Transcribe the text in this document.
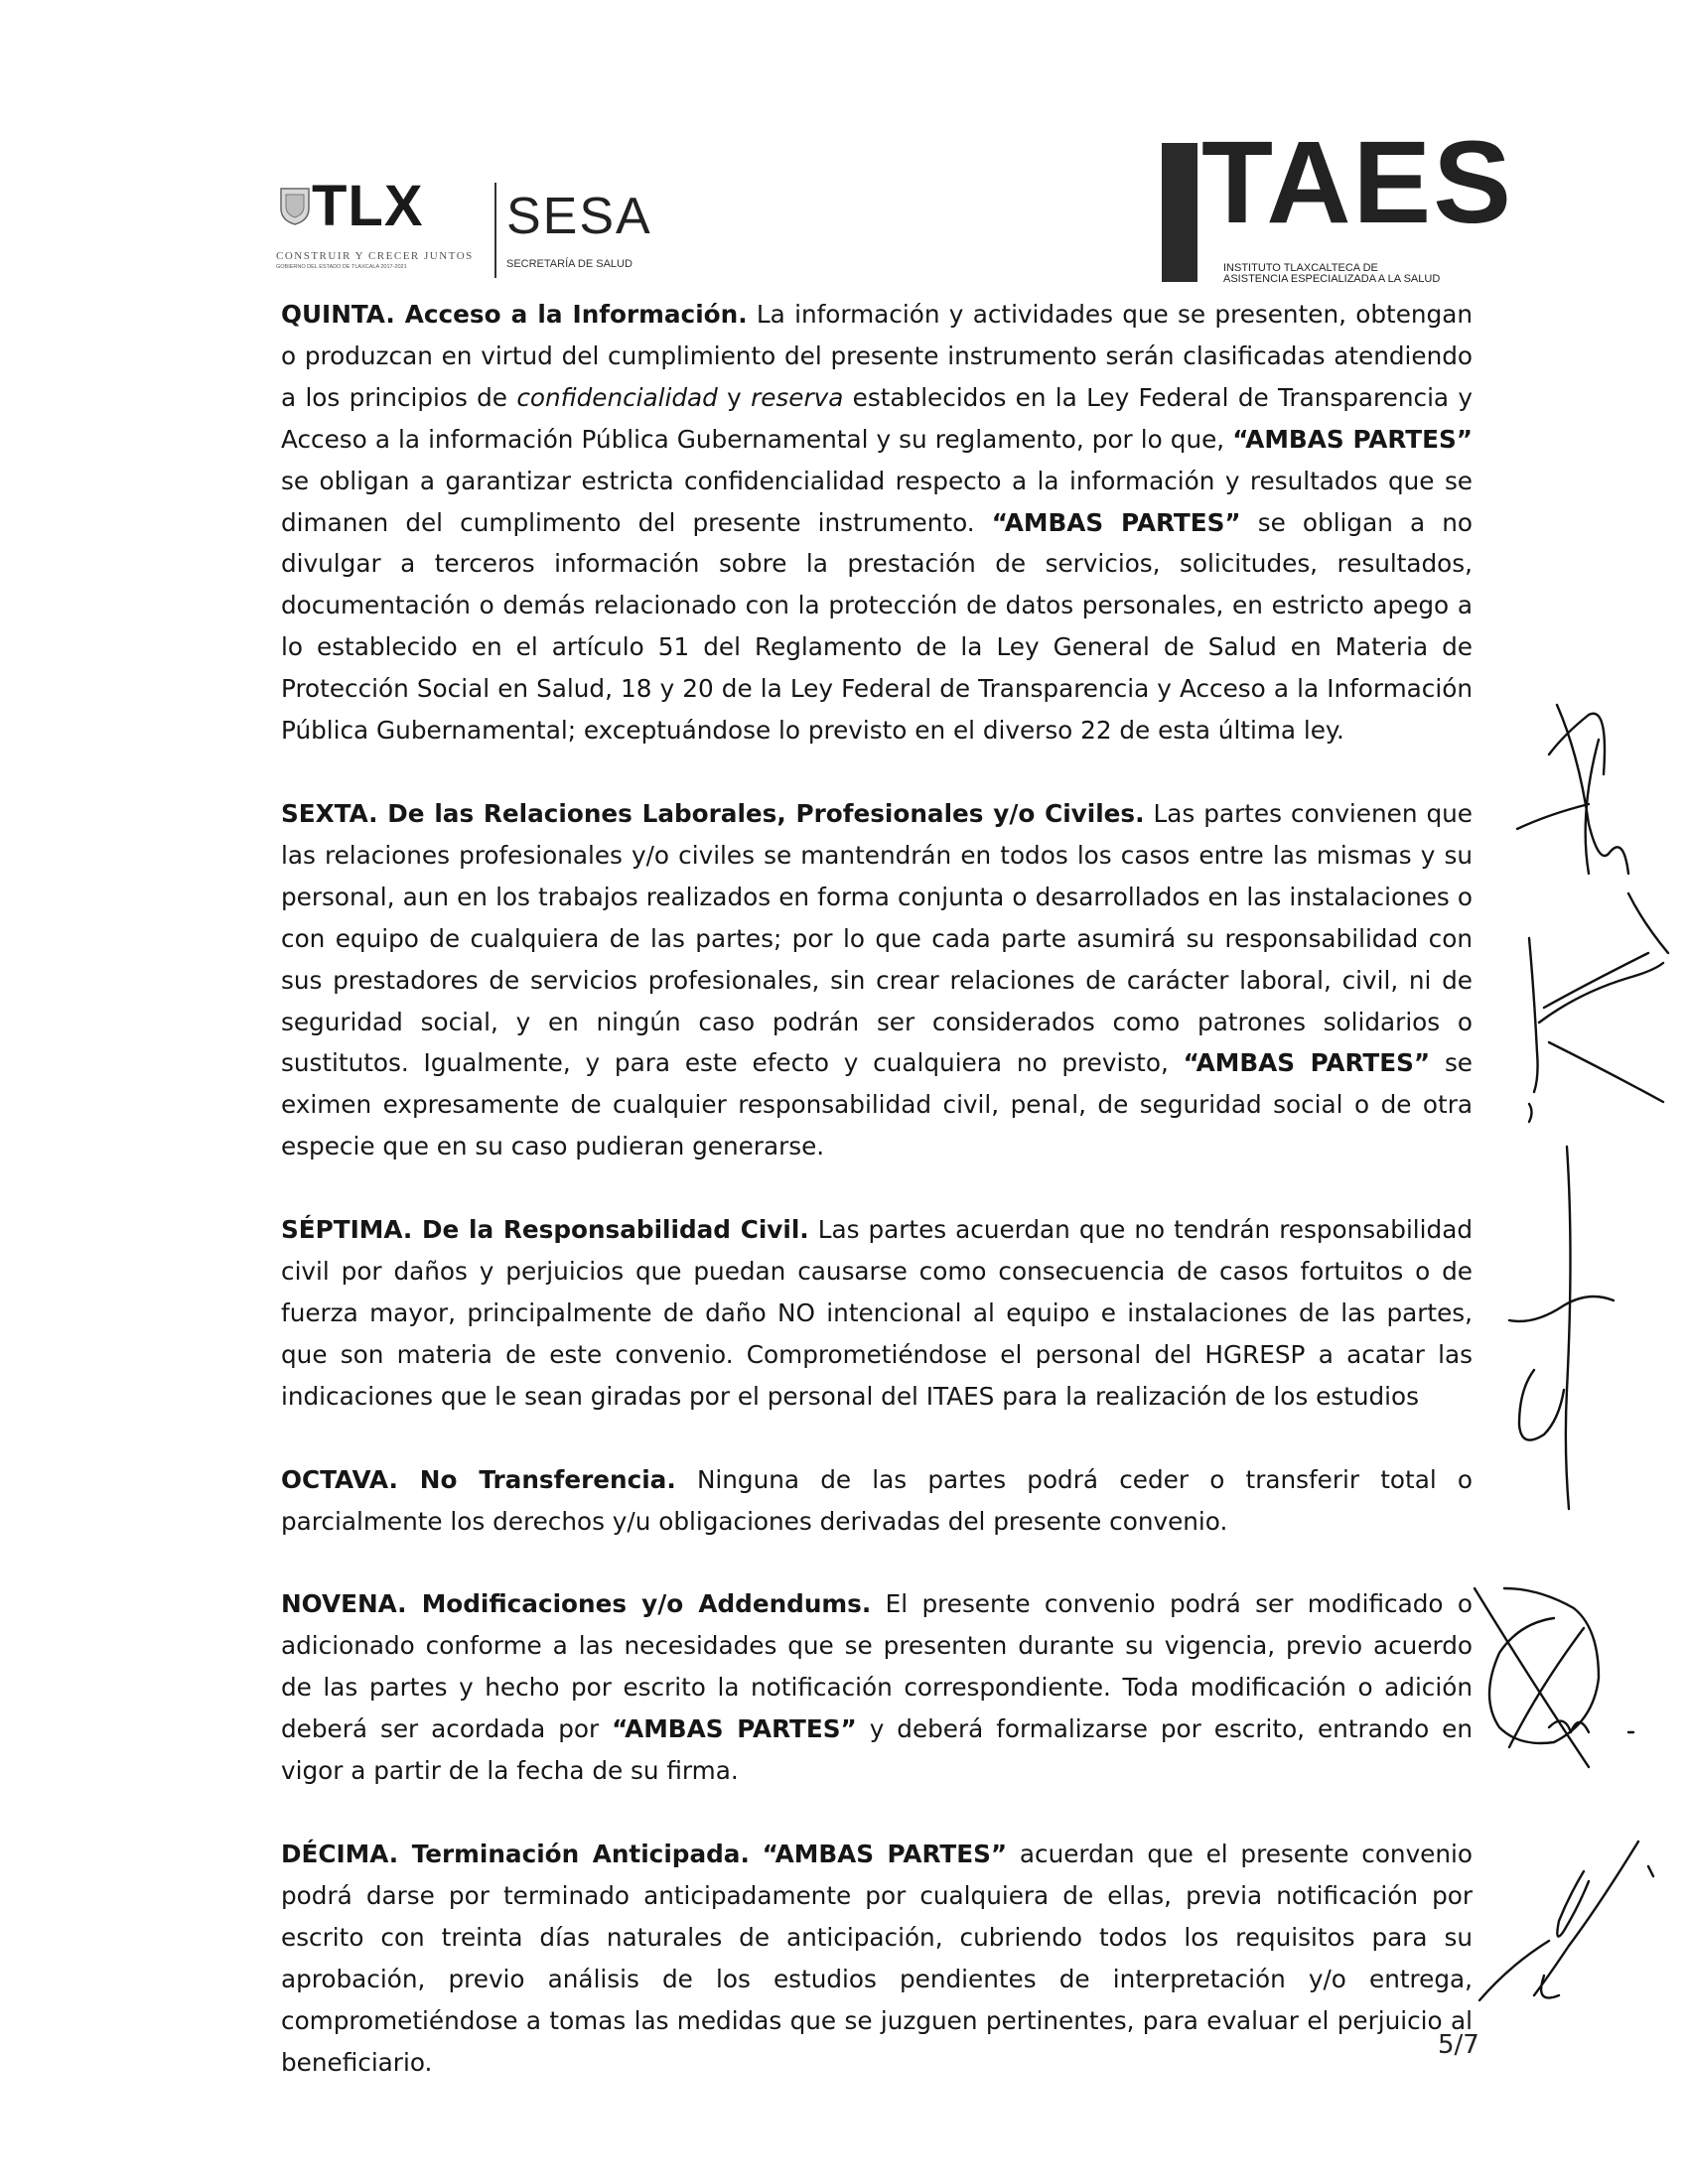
TLX
CONSTRUIR Y CRECER JUNTOS
GOBIERNO DEL ESTADO DE TLAXCALA 2017-2021
SESA
SECRETARÍA DE SALUD
TAES
INSTITUTO TLAXCALTECA DE
ASISTENCIA ESPECIALIZADA A LA SALUD

QUINTA. Acceso a la Información. La información y actividades que se presenten, obtengan o produzcan en virtud del cumplimiento del presente instrumento serán clasificadas atendiendo a los principios de confidencialidad y reserva establecidos en la Ley Federal de Transparencia y Acceso a la información Pública Gubernamental y su reglamento, por lo que, “AMBAS PARTES” se obligan a garantizar estricta confidencialidad respecto a la información y resultados que se dimanen del cumplimento del presente instrumento. “AMBAS PARTES” se obligan a no divulgar a terceros información sobre la prestación de servicios, solicitudes, resultados, documentación o demás relacionado con la protección de datos personales, en estricto apego a lo establecido en el artículo 51 del Reglamento de la Ley General de Salud en Materia de Protección Social en Salud, 18 y 20 de la Ley Federal de Transparencia y Acceso a la Información Pública Gubernamental; exceptuándose lo previsto en el diverso 22 de esta última ley.

SEXTA. De las Relaciones Laborales, Profesionales y/o Civiles. Las partes convienen que las relaciones profesionales y/o civiles se mantendrán en todos los casos entre las mismas y su personal, aun en los trabajos realizados en forma conjunta o desarrollados en las instalaciones o con equipo de cualquiera de las partes; por lo que cada parte asumirá su responsabilidad con sus prestadores de servicios profesionales, sin crear relaciones de carácter laboral, civil, ni de seguridad social, y en ningún caso podrán ser considerados como patrones solidarios o sustitutos. Igualmente, y para este efecto y cualquiera no previsto, “AMBAS PARTES” se eximen expresamente de cualquier responsabilidad civil, penal, de seguridad social o de otra especie que en su caso pudieran generarse.

SÉPTIMA. De la Responsabilidad Civil. Las partes acuerdan que no tendrán responsabilidad civil por daños y perjuicios que puedan causarse como consecuencia de casos fortuitos o de fuerza mayor, principalmente de daño NO intencional al equipo e instalaciones de las partes, que son materia de este convenio. Comprometiéndose el personal del HGRESP a acatar las indicaciones que le sean giradas por el personal del ITAES para la realización de los estudios

OCTAVA. No Transferencia. Ninguna de las partes podrá ceder o transferir total o parcialmente los derechos y/u obligaciones derivadas del presente convenio.

NOVENA. Modificaciones y/o Addendums. El presente convenio podrá ser modificado o adicionado conforme a las necesidades que se presenten durante su vigencia, previo acuerdo de las partes y hecho por escrito la notificación correspondiente. Toda modificación o adición deberá ser acordada por “AMBAS PARTES” y deberá formalizarse por escrito, entrando en vigor a partir de la fecha de su firma.

DÉCIMA. Terminación Anticipada. “AMBAS PARTES” acuerdan que el presente convenio podrá darse por terminado anticipadamente por cualquiera de ellas, previa notificación por escrito con treinta días naturales de anticipación, cubriendo todos los requisitos para su aprobación, previo análisis de los estudios pendientes de interpretación y/o entrega, comprometiéndose a tomas las medidas que se juzguen pertinentes, para evaluar el perjuicio al beneficiario.

5/7
